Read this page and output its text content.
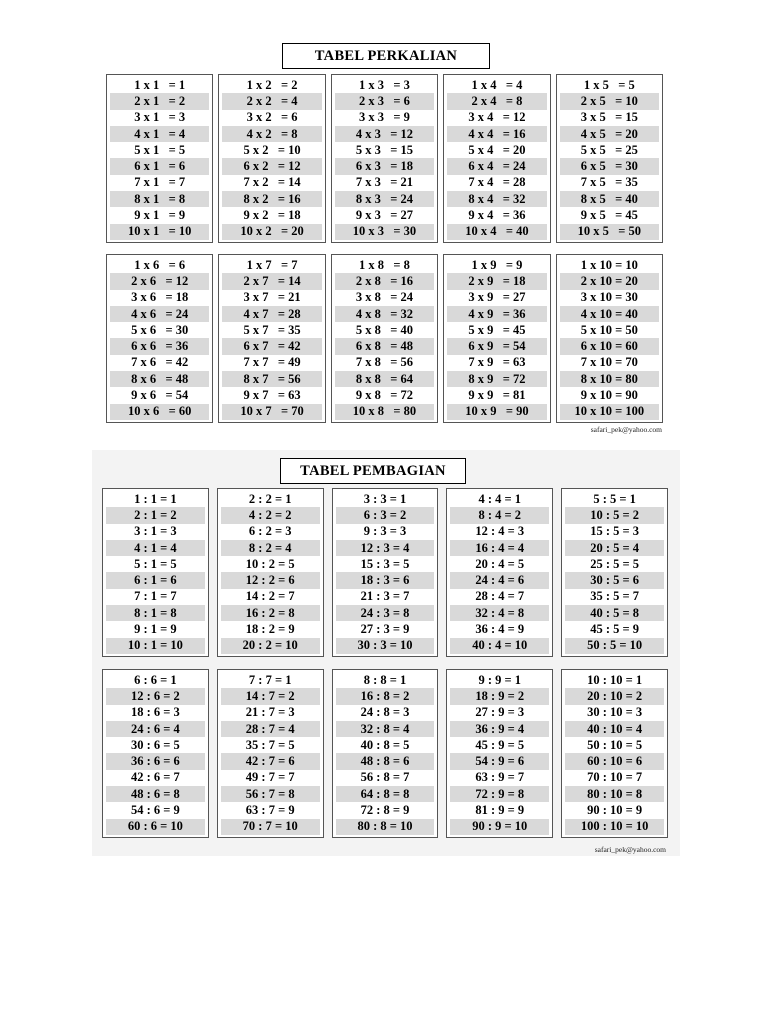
TABEL PERKALIAN
1 x 1   = 1
2 x 1   = 2
3 x 1   = 3
4 x 1   = 4
5 x 1   = 5
6 x 1   = 6
7 x 1   = 7
8 x 1   = 8
9 x 1   = 9
10 x 1   = 10
1 x 2   = 2
2 x 2   = 4
3 x 2   = 6
4 x 2   = 8
5 x 2   = 10
6 x 2   = 12
7 x 2   = 14
8 x 2   = 16
9 x 2   = 18
10 x 2   = 20
1 x 3   = 3
2 x 3   = 6
3 x 3   = 9
4 x 3   = 12
5 x 3   = 15
6 x 3   = 18
7 x 3   = 21
8 x 3   = 24
9 x 3   = 27
10 x 3   = 30
1 x 4   = 4
2 x 4   = 8
3 x 4   = 12
4 x 4   = 16
5 x 4   = 20
6 x 4   = 24
7 x 4   = 28
8 x 4   = 32
9 x 4   = 36
10 x 4   = 40
1 x 5   = 5
2 x 5   = 10
3 x 5   = 15
4 x 5   = 20
5 x 5   = 25
6 x 5   = 30
7 x 5   = 35
8 x 5   = 40
9 x 5   = 45
10 x 5   = 50
1 x 6   = 6
2 x 6   = 12
3 x 6   = 18
4 x 6   = 24
5 x 6   = 30
6 x 6   = 36
7 x 6   = 42
8 x 6   = 48
9 x 6   = 54
10 x 6   = 60
1 x 7   = 7
2 x 7   = 14
3 x 7   = 21
4 x 7   = 28
5 x 7   = 35
6 x 7   = 42
7 x 7   = 49
8 x 7   = 56
9 x 7   = 63
10 x 7   = 70
1 x 8   = 8
2 x 8   = 16
3 x 8   = 24
4 x 8   = 32
5 x 8   = 40
6 x 8   = 48
7 x 8   = 56
8 x 8   = 64
9 x 8   = 72
10 x 8   = 80
1 x 9   = 9
2 x 9   = 18
3 x 9   = 27
4 x 9   = 36
5 x 9   = 45
6 x 9   = 54
7 x 9   = 63
8 x 9   = 72
9 x 9   = 81
10 x 9   = 90
1 x 10 = 10
2 x 10 = 20
3 x 10 = 30
4 x 10 = 40
5 x 10 = 50
6 x 10 = 60
7 x 10 = 70
8 x 10 = 80
9 x 10 = 90
10 x 10 = 100
safari_pek@yahoo.com
TABEL PEMBAGIAN
1 : 1 = 1
2 : 1 = 2
3 : 1 = 3
4 : 1 = 4
5 : 1 = 5
6 : 1 = 6
7 : 1 = 7
8 : 1 = 8
9 : 1 = 9
10 : 1 = 10
2 : 2 = 1
4 : 2 = 2
6 : 2 = 3
8 : 2 = 4
10 : 2 = 5
12 : 2 = 6
14 : 2 = 7
16 : 2 = 8
18 : 2 = 9
20 : 2 = 10
3 : 3 = 1
6 : 3 = 2
9 : 3 = 3
12 : 3 = 4
15 : 3 = 5
18 : 3 = 6
21 : 3 = 7
24 : 3 = 8
27 : 3 = 9
30 : 3 = 10
4 : 4 = 1
8 : 4 = 2
12 : 4 = 3
16 : 4 = 4
20 : 4 = 5
24 : 4 = 6
28 : 4 = 7
32 : 4 = 8
36 : 4 = 9
40 : 4 = 10
5 : 5 = 1
10 : 5 = 2
15 : 5 = 3
20 : 5 = 4
25 : 5 = 5
30 : 5 = 6
35 : 5 = 7
40 : 5 = 8
45 : 5 = 9
50 : 5 = 10
6 : 6 = 1
12 : 6 = 2
18 : 6 = 3
24 : 6 = 4
30 : 6 = 5
36 : 6 = 6
42 : 6 = 7
48 : 6 = 8
54 : 6 = 9
60 : 6 = 10
7 : 7 = 1
14 : 7 = 2
21 : 7 = 3
28 : 7 = 4
35 : 7 = 5
42 : 7 = 6
49 : 7 = 7
56 : 7 = 8
63 : 7 = 9
70 : 7 = 10
8 : 8 = 1
16 : 8 = 2
24 : 8 = 3
32 : 8 = 4
40 : 8 = 5
48 : 8 = 6
56 : 8 = 7
64 : 8 = 8
72 : 8 = 9
80 : 8 = 10
9 : 9 = 1
18 : 9 = 2
27 : 9 = 3
36 : 9 = 4
45 : 9 = 5
54 : 9 = 6
63 : 9 = 7
72 : 9 = 8
81 : 9 = 9
90 : 9 = 10
10 : 10 = 1
20 : 10 = 2
30 : 10 = 3
40 : 10 = 4
50 : 10 = 5
60 : 10 = 6
70 : 10 = 7
80 : 10 = 8
90 : 10 = 9
100 : 10 = 10
safari_pek@yahoo.com
